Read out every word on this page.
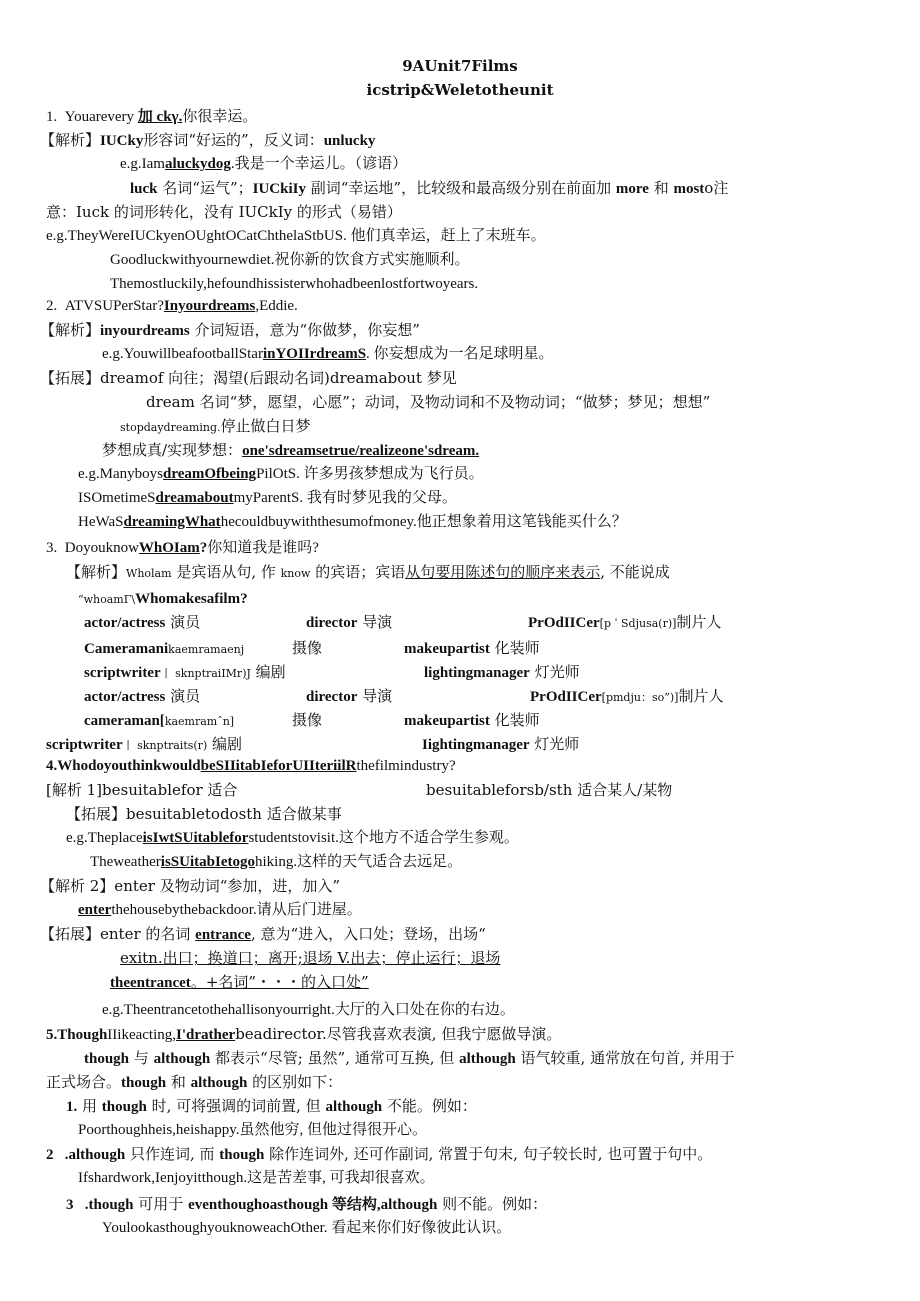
9AUnit7Films
icstrip&Weletotheunit
1.  Youarevery 加 ckγ.你很幸运。
【解析】IUCky形容词“好运的”，反义词：unlucky
e.g.Iamaluckydog.我是一个幸运儿。（谚语）
luck 名词“运气”；IUCkiIy 副词“幸运地”，比较级和最高级分别在前面加 more 和 mosto注
意：Iuck 的词形转化，没有 IUCkIy 的形式（易错）
e.g.TheyWereIUCkyenOUghtOCatChthelaStbUS. 他们真幸运，赶上了末班车。
Goodluckwithyournewdiet.祝你新的饮食方式实施顺利。
Themostluckily,hefoundhissisterwhohadbeenlostfortwoyears.
2.  ATVSUPerStar?Inyourdreams,Eddie.
【解析】inyourdreams 介词短语，意为“你做梦，你妄想”
e.g.YouwillbeafootballStarinYOIIrdreamS. 你妄想成为一名足球明星。
【拓展】dreamof 向往；渴望(后跟动名词)dreamabout 梦见
dream 名词“梦，愿望，心愿”；动词，及物动词和不及物动词；“做梦；梦见；想想”
stopdaydreaming.停止做白日梦
梦想成真/实现梦想：one'sdreamsetrue/realizeone'sdream.
e.g.ManyboysdreamOfbeingPilOtS. 许多男孩梦想成为飞行员。
ISOmetimeSdreamaboutmyParentS. 我有时梦见我的父母。
HeWaSdreamingWhathecouldbuywiththesumofmoney.他正想象着用这笔钱能买什么？
3.  DoyouknowWhOIam?你知道我是谁吗?
【解析】Wholam 是宾语从句, 作 know 的宾语；宾语从句要用陈述句的顺序来表示, 不能说成
“whoamΓ\Whomakesafilm?
actor/actress 演员	director 导演	PrOdIICer[p ˈ Sdjusa(r)]制片人
Cameramanikaemramaenj	摄像	makeupartist 化装师
scriptwriter丨 sknptraiIMr)J 编剧	lightingmanager 灯光师
actor/actress 演员	director 导演	PrOdIICer[pmdju：so”)]制片人
cameraman[kaemramˆn]	摄像	makeupartist 化装师
scriptwriter丨 sknptraits(r) 编剧	Iightingmanager 灯光师
4.WhodoyouthinkwouldbeSIIitabIeforUIIteriilRthefilmindustry?
[解析 1]besuitablefor 适合	besuitableforsb/sth 适合某人/某物
【拓展】besuitabletodosth 适合做某事
e.g.TheplaceisIwtSUitableforstudentstovisit.这个地方不适合学生参观。
TheweatherisSUitabIetogohiking.这样的天气适合去远足。
【解析 2】enter 及物动词“参加，进，加入”
enterthehousebythebackdoor.请从后门进屋。
【拓展】enter 的名词 entrance, 意为“进入，入口处；登场，出场“
exitn.出口；换道口；离开;退场 V.出去；停止运行；退场
theentrancet。+名词”・・・的入口处”
e.g.Theentrancetothehallisonyourright.大厅的入口处在你的右边。
5.ThoughIIikeacting,I'dratherbeadirector.尽管我喜欢表演, 但我宁愿做导演。
though 与 although 都表示“尽管; 虽然”, 通常可互换, 但 although 语气较重, 通常放在句首, 并用于
正式场合。though 和 although 的区别如下：
1. 用 though 时, 可将强调的词前置, 但 although 不能。例如：
Poorthoughheis,heishappy.虽然他穷, 但他过得很开心。
2   .although 只作连词, 而 though 除作连词外, 还可作副词, 常置于句末, 句子较长时, 也可置于句中。
Ifshardwork,Ienjoyitthough.这是苦差事, 可我却很喜欢。
3   .though 可用于 eventhoughoasthough 等结构,although 则不能。例如：
YoulookasthoughyouknoweachOther. 看起来你们好像彼此认识。
